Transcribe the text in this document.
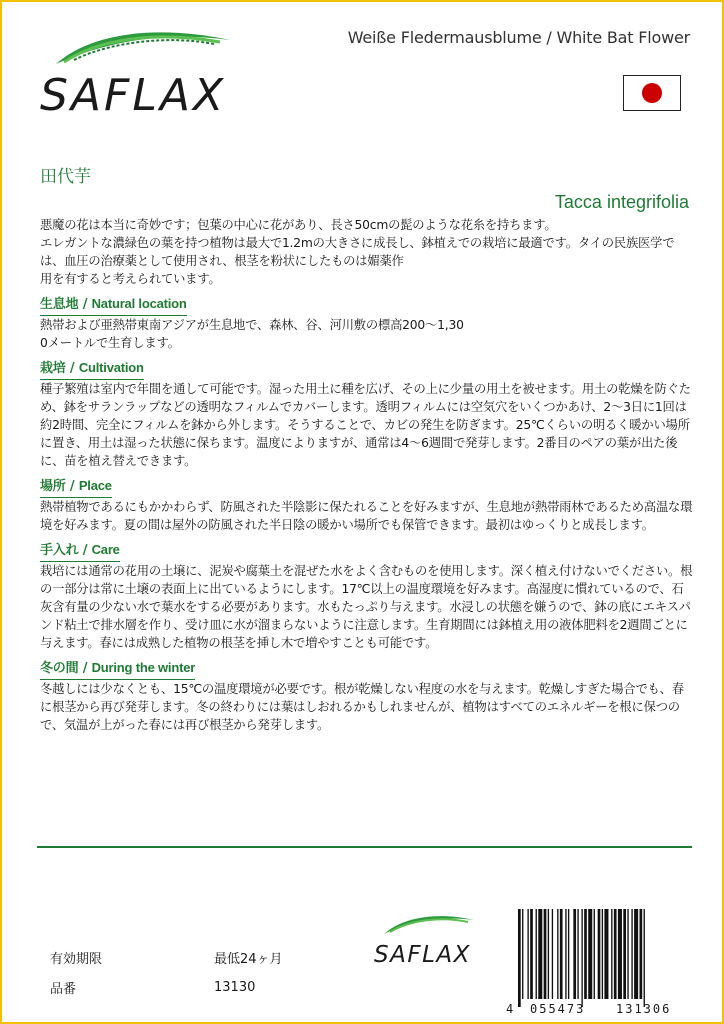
SAFLAX
Weiße Fledermausblume / White Bat Flower
田代芋
Tacca integrifolia

悪魔の花は本当に奇妙です；包葉の中心に花があり、長さ50cmの髭のような花糸を持ちます。
エレガントな濃緑色の葉を持つ植物は最大で1.2mの大きさに成長し、鉢植えでの栽培に最適です。タイの民族医学では、血圧の治療薬として使用され、根茎を粉状にしたものは媚薬作
用を有すると考えられています。

生息地 / Natural location

熱帯および亜熱帯東南アジアが生息地で、森林、谷、河川敷の標高200〜1,30
0メートルで生育します。

栽培 / Cultivation

種子繁殖は室内で年間を通して可能です。湿った用土に種を広げ、その上に少量の用土を被せます。用土の乾燥を防ぐため、鉢をサランラップなどの透明なフィルムでカバーします。透明フィルムには空気穴をいくつかあけ、2～3日に1回は約2時間、完全にフィルムを鉢から外します。そうすることで、カビの発生を防ぎます。25℃くらいの明るく暖かい場所に置き、用土は湿った状態に保ちます。温度によりますが、通常は4〜6週間で発芽します。2番目のペアの葉が出た後に、苗を植え替えできます。

場所 / Place

熱帯植物であるにもかかわらず、防風された半陰影に保たれることを好みますが、生息地が熱帯雨林であるため高温な環境を好みます。夏の間は屋外の防風された半日陰の暖かい場所でも保管できます。最初はゆっくりと成長します。

手入れ / Care

栽培には通常の花用の土壌に、泥炭や腐葉土を混ぜた水をよく含むものを使用します。深く植え付けないでください。根の一部分は常に土壌の表面上に出ているようにします。17℃以上の温度環境を好みます。高湿度に慣れているので、石灰含有量の少ない水で葉水をする必要があります。水もたっぷり与えます。水浸しの状態を嫌うので、鉢の底にエキスパンド粘土で排水層を作り、受け皿に水が溜まらないように注意します。生育期間には鉢植え用の液体肥料を2週間ごとに与えます。春には成熟した植物の根茎を挿し木で増やすことも可能です。

冬の間 / During the winter

冬越しには少なくとも、15℃の温度環境が必要です。根が乾燥しない程度の水を与えます。乾燥しすぎた場合でも、春に根茎から再び発芽します。冬の終わりには葉はしおれるかもしれませんが、植物はすべてのエネルギーを根に保つので、気温が上がった春には再び根茎から発芽します。

有効期限	最低24ヶ月
品番	13130
SAFLAX
4 055473	131306
